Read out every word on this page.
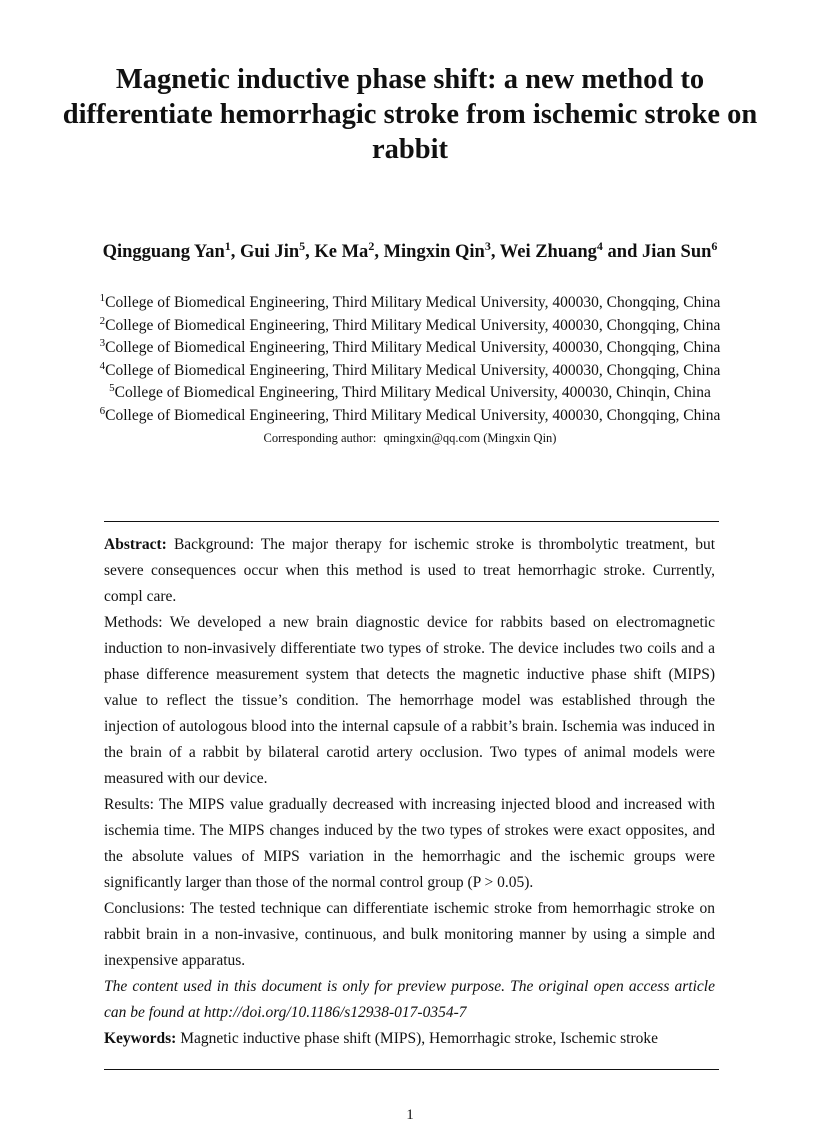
Magnetic inductive phase shift: a new method to differentiate hemorrhagic stroke from ischemic stroke on rabbit

Qingguang Yan$^1$, Gui Jin$^5$, Ke Ma$^2$, Mingxin Qin$^3$, Wei Zhuang$^4$ and Jian Sun$^6$

$^1$College of Biomedical Engineering, Third Military Medical University, 400030, Chongqing, China
$^2$College of Biomedical Engineering, Third Military Medical University, 400030, Chongqing, China
$^3$College of Biomedical Engineering, Third Military Medical University, 400030, Chongqing, China
$^4$College of Biomedical Engineering, Third Military Medical University, 400030, Chongqing, China
$^5$College of Biomedical Engineering, Third Military Medical University, 400030, Chinqin, China
$^6$College of Biomedical Engineering, Third Military Medical University, 400030, Chongqing, China
Corresponding author: qmingxin@qq.com (Mingxin Qin)

Abstract: Background: The major therapy for ischemic stroke is thrombolytic treatment, but severe consequences occur when this method is used to treat hemorrhagic stroke. Currently, compl care.

Methods: We developed a new brain diagnostic device for rabbits based on electromagnetic induction to non-invasively differentiate two types of stroke. The device includes two coils and a phase difference measurement system that detects the magnetic inductive phase shift (MIPS) value to reflect the tissue’s condition. The hemorrhage model was established through the injection of autologous blood into the internal capsule of a rabbit’s brain. Ischemia was induced in the brain of a rabbit by bilateral carotid artery occlusion. Two types of animal models were measured with our device.

Results: The MIPS value gradually decreased with increasing injected blood and increased with ischemia time. The MIPS changes induced by the two types of strokes were exact opposites, and the absolute values of MIPS variation in the hemorrhagic and the ischemic groups were significantly larger than those of the normal control group (P > 0.05).

Conclusions: The tested technique can differentiate ischemic stroke from hemorrhagic stroke on rabbit brain in a non-invasive, continuous, and bulk monitoring manner by using a simple and inexpensive apparatus.

The content used in this document is only for preview purpose. The original open access article can be found at http://doi.org/10.1186/s12938-017-0354-7

Keywords: Magnetic inductive phase shift (MIPS), Hemorrhagic stroke, Ischemic stroke

1
